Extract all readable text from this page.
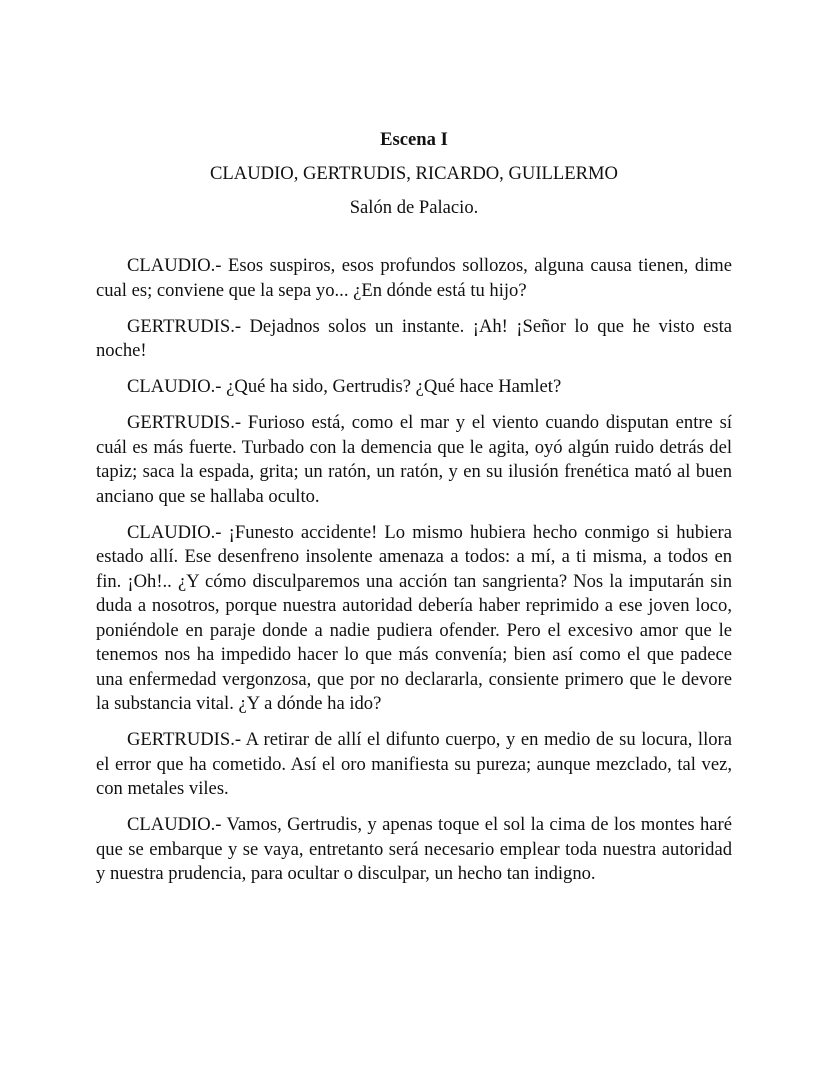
Escena I

CLAUDIO, GERTRUDIS, RICARDO, GUILLERMO

Salón de Palacio.

CLAUDIO.- Esos suspiros, esos profundos sollozos, alguna causa tienen, dime cual es; conviene que la sepa yo... ¿En dónde está tu hijo?

GERTRUDIS.- Dejadnos solos un instante. ¡Ah! ¡Señor lo que he visto esta noche!

CLAUDIO.- ¿Qué ha sido, Gertrudis? ¿Qué hace Hamlet?

GERTRUDIS.- Furioso está, como el mar y el viento cuando disputan entre sí cuál es más fuerte. Turbado con la demencia que le agita, oyó algún ruido detrás del tapiz; saca la espada, grita; un ratón, un ratón, y en su ilusión frenética mató al buen anciano que se hallaba oculto.

CLAUDIO.- ¡Funesto accidente! Lo mismo hubiera hecho conmigo si hubiera estado allí. Ese desenfreno insolente amenaza a todos: a mí, a ti misma, a todos en fin. ¡Oh!.. ¿Y cómo disculparemos una acción tan sangrienta? Nos la imputarán sin duda a nosotros, porque nuestra autoridad debería haber reprimido a ese joven loco, poniéndole en paraje donde a nadie pudiera ofender. Pero el excesivo amor que le tenemos nos ha impedido hacer lo que más convenía; bien así como el que padece una enfermedad vergonzosa, que por no declararla, consiente primero que le devore la substancia vital. ¿Y a dónde ha ido?

GERTRUDIS.- A retirar de allí el difunto cuerpo, y en medio de su locura, llora el error que ha cometido. Así el oro manifiesta su pureza; aunque mezclado, tal vez, con metales viles.

CLAUDIO.- Vamos, Gertrudis, y apenas toque el sol la cima de los montes haré que se embarque y se vaya, entretanto será necesario emplear toda nuestra autoridad y nuestra prudencia, para ocultar o disculpar, un hecho tan indigno.
